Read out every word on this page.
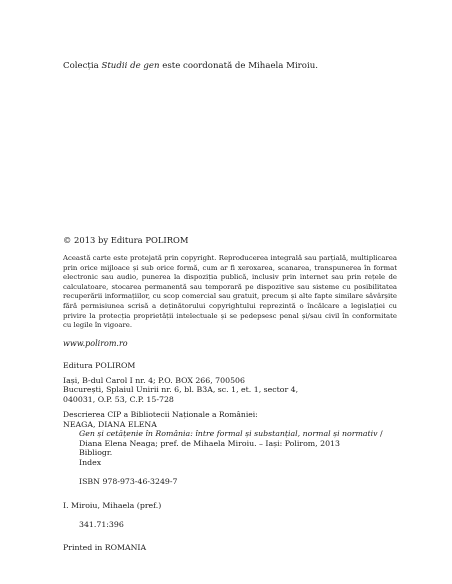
Colecția Studii de gen este coordonată de Mihaela Miroiu.
© 2013 by Editura POLIROM
Această carte este protejată prin copyright. Reproducerea integrală sau parțială, multiplicarea prin orice mijloace și sub orice formă, cum ar fi xeroxarea, scanarea, transpunerea în format electronic sau audio, punerea la dispoziția publică, inclusiv prin internet sau prin rețele de calculatoare, stocarea permanentă sau temporară pe dispozitive sau sisteme cu posibilitatea recuperării informațiilor, cu scop comercial sau gratuit, precum și alte fapte similare săvârșite fără permisiunea scrisă a deținătorului copyrightului reprezintă o încălcare a legislației cu privire la protecția proprietății intelectuale și se pedepsesc penal și/sau civil în conformitate cu legile în vigoare.
www.polirom.ro
Editura POLIROM
Iași, B-dul Carol I nr. 4; P.O. BOX 266, 700506
București, Splaiul Unirii nr. 6, bl. B3A, sc. 1, et. 1, sector 4,
040031, O.P. 53, C.P. 15-728
Descrierea CIP a Bibliotecii Naționale a României:
NEAGA, DIANA ELENA
Gen și cetățenie în România: între formal și substanțial, normal și normativ / Diana Elena Neaga; pref. de Mihaela Miroiu. – Iași: Polirom, 2013
Bibliogr.
Index
ISBN 978-973-46-3249-7
I. Miroiu, Mihaela (pref.)
341.71:396
Printed in ROMANIA
